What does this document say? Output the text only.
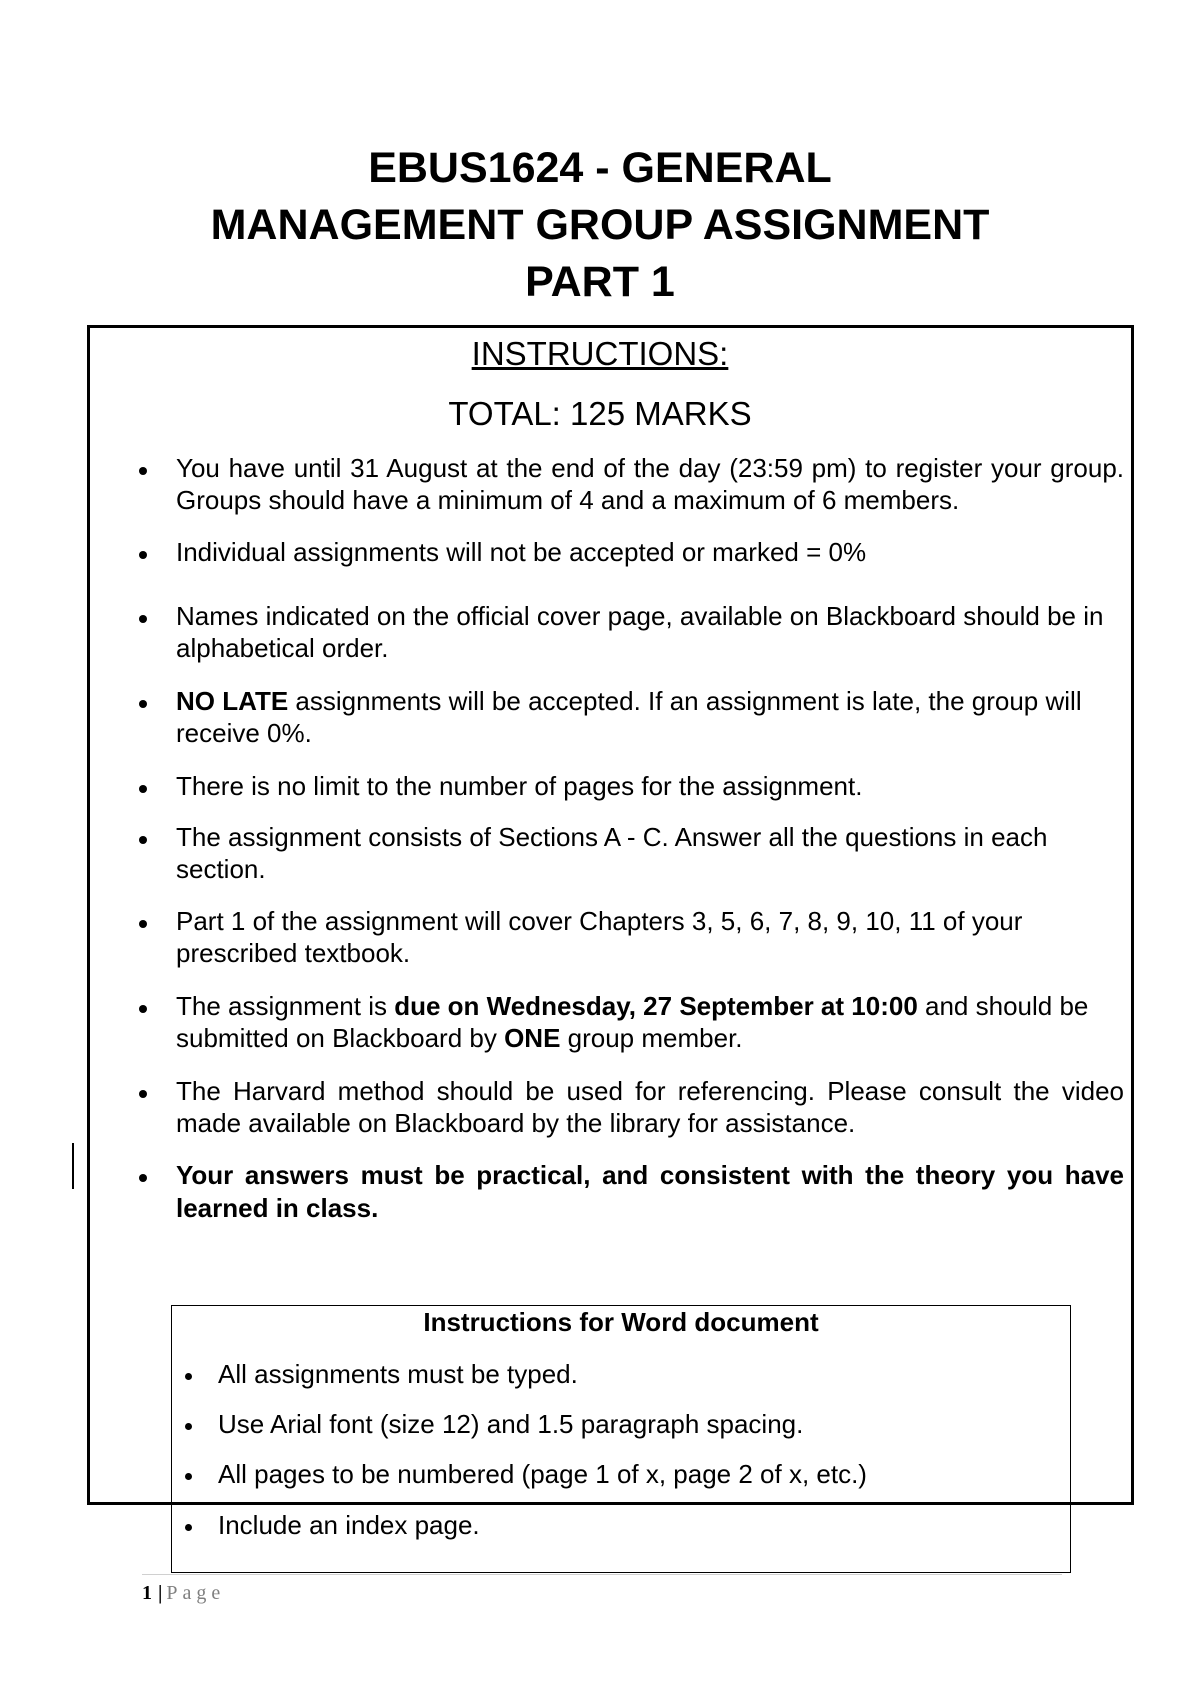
EBUS1624 - GENERAL
MANAGEMENT GROUP ASSIGNMENT
PART 1
INSTRUCTIONS:
TOTAL: 125 MARKS
You have until 31 August at the end of the day (23:59 pm) to register your group. Groups should have a minimum of 4 and a maximum of 6 members.
Individual assignments will not be accepted or marked = 0%
Names indicated on the official cover page, available on Blackboard should be in alphabetical order.
NO LATE assignments will be accepted. If an assignment is late, the group will receive 0%.
There is no limit to the number of pages for the assignment.
The assignment consists of Sections A - C. Answer all the questions in each section.
Part 1 of the assignment will cover Chapters 3, 5, 6, 7, 8, 9, 10, 11 of your prescribed textbook.
The assignment is due on Wednesday, 27 September at 10:00 and should be submitted on Blackboard by ONE group member.
The Harvard method should be used for referencing. Please consult the video made available on Blackboard by the library for assistance.
Your answers must be practical, and consistent with the theory you have learned in class.
Instructions for Word document
All assignments must be typed.
Use Arial font (size 12) and 1.5 paragraph spacing.
All pages to be numbered (page 1 of x, page 2 of x, etc.)
Include an index page.
1 | Page
